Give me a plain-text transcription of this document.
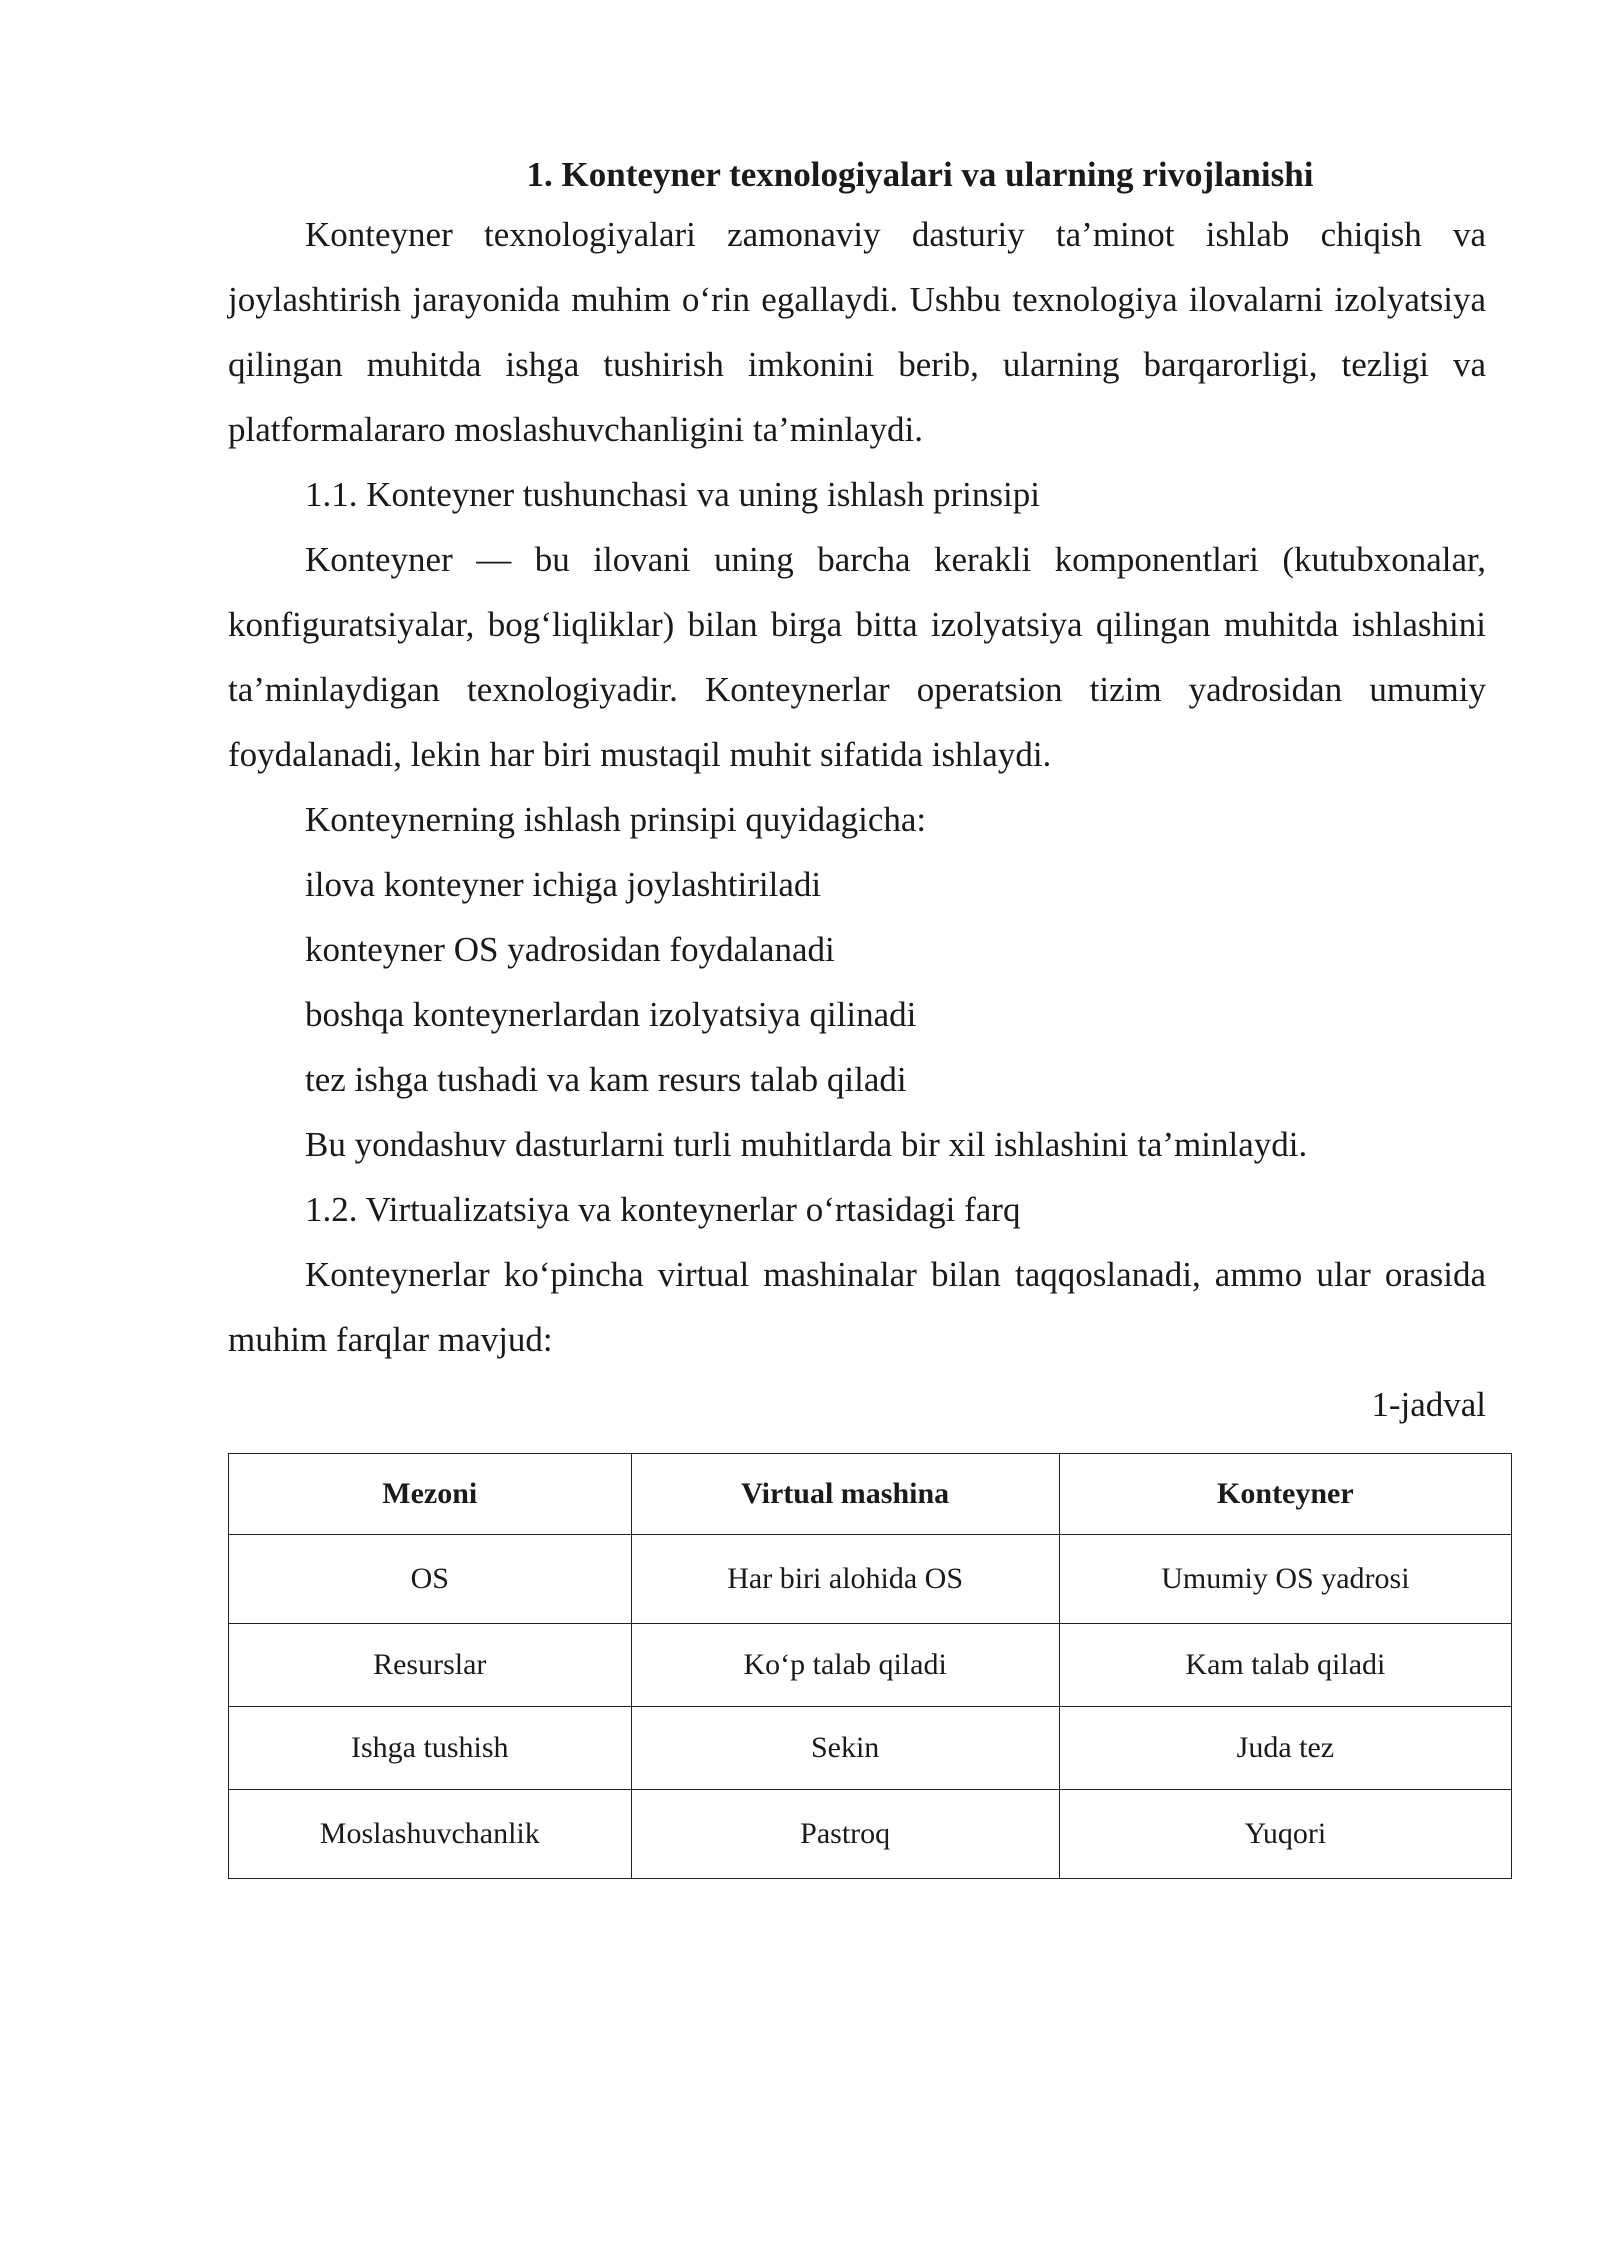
1. Konteyner texnologiyalari va ularning rivojlanishi

Konteyner texnologiyalari zamonaviy dasturiy ta’minot ishlab chiqish va joylashtirish jarayonida muhim o‘rin egallaydi. Ushbu texnologiya ilovalarni izolyatsiya qilingan muhitda ishga tushirish imkonini berib, ularning barqarorligi, tezligi va platformalararo moslashuvchanligini ta’minlaydi.

1.1. Konteyner tushunchasi va uning ishlash prinsipi

Konteyner — bu ilovani uning barcha kerakli komponentlari (kutubxonalar, konfiguratsiyalar, bog‘liqliklar) bilan birga bitta izolyatsiya qilingan muhitda ishlashini ta’minlaydigan texnologiyadir. Konteynerlar operatsion tizim yadrosidan umumiy foydalanadi, lekin har biri mustaqil muhit sifatida ishlaydi.

Konteynerning ishlash prinsipi quyidagicha:

ilova konteyner ichiga joylashtiriladi

konteyner OS yadrosidan foydalanadi

boshqa konteynerlardan izolyatsiya qilinadi

tez ishga tushadi va kam resurs talab qiladi

Bu yondashuv dasturlarni turli muhitlarda bir xil ishlashini ta’minlaydi.

1.2. Virtualizatsiya va konteynerlar o‘rtasidagi farq

Konteynerlar ko‘pincha virtual mashinalar bilan taqqoslanadi, ammo ular orasida muhim farqlar mavjud:

1-jadval

Mezoni	Virtual mashina	Konteyner
OS	Har biri alohida OS	Umumiy OS yadrosi
Resurslar	Ko‘p talab qiladi	Kam talab qiladi
Ishga tushish	Sekin	Juda tez
Moslashuvchanlik	Pastroq	Yuqori
